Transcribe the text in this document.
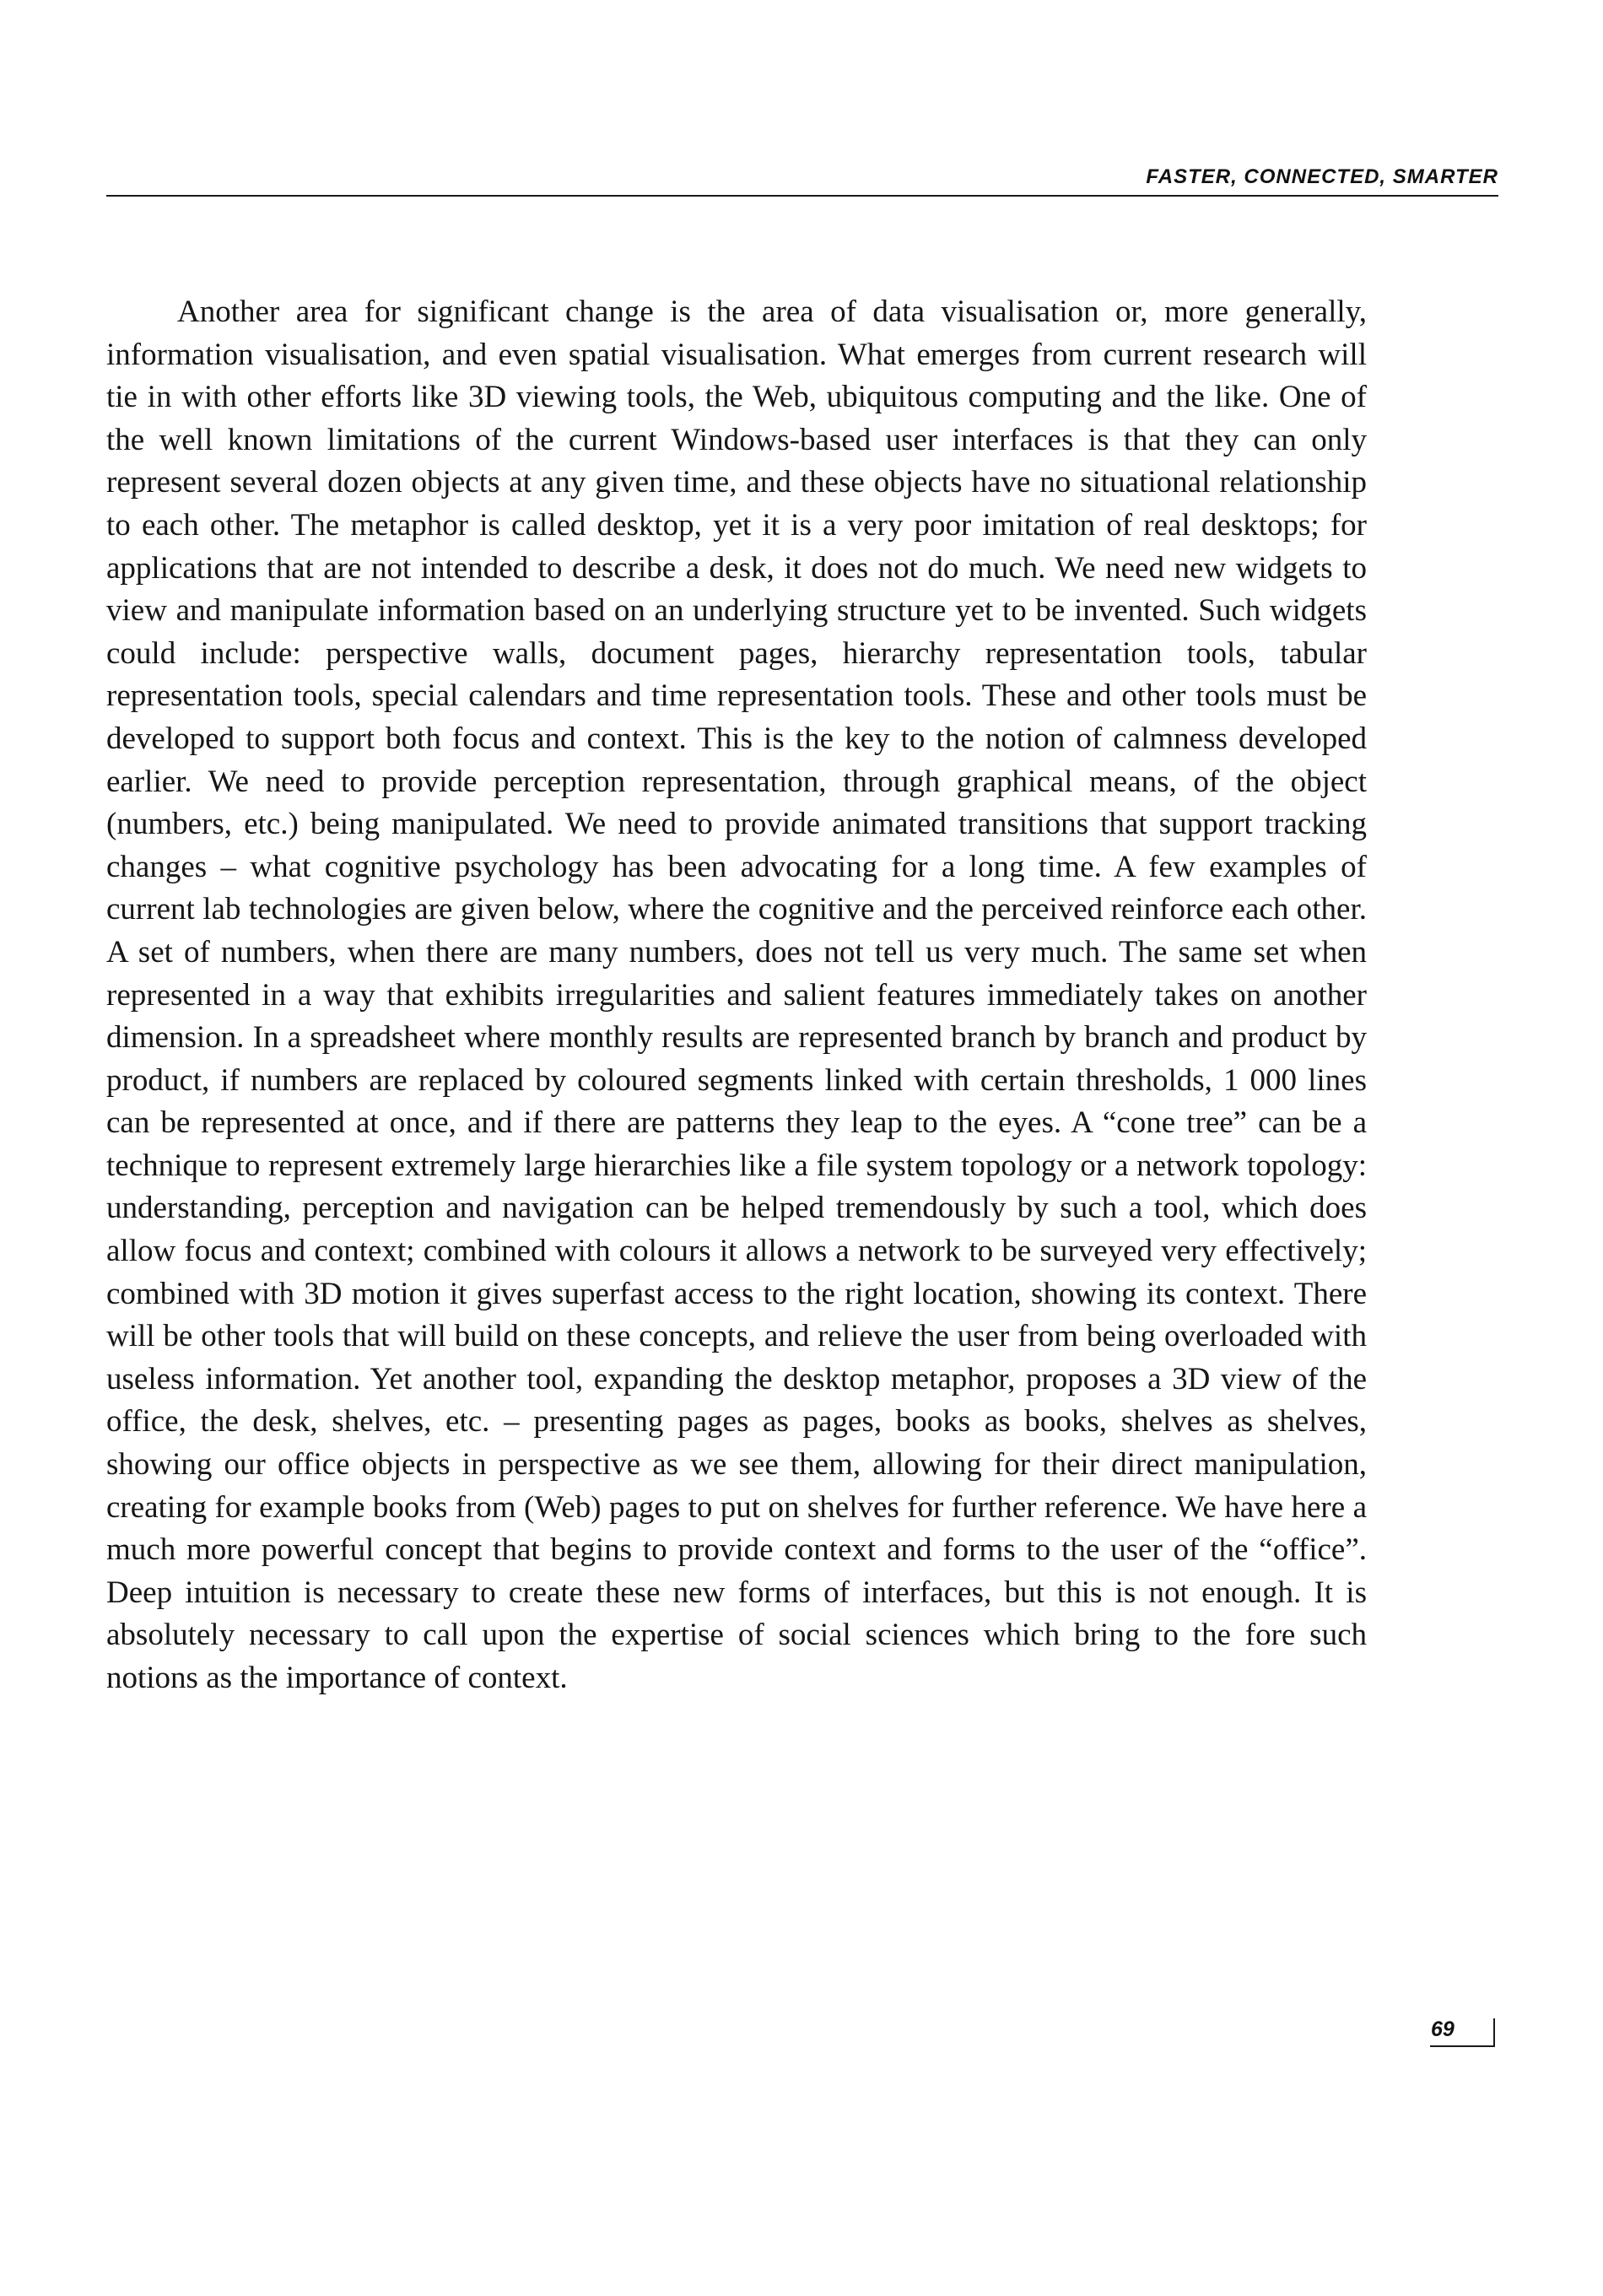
FASTER, CONNECTED, SMARTER

Another area for significant change is the area of data visualisation or, more generally, information visualisation, and even spatial visualisation. What emerges from current research will tie in with other efforts like 3D viewing tools, the Web, ubiquitous computing and the like. One of the well known limitations of the current Windows-based user interfaces is that they can only represent several dozen objects at any given time, and these objects have no situational relationship to each other. The metaphor is called desktop, yet it is a very poor imitation of real desktops; for applications that are not intended to describe a desk, it does not do much. We need new widgets to view and manipulate information based on an underlying structure yet to be invented. Such widgets could include: perspective walls, document pages, hierarchy representation tools, tabular representation tools, special calendars and time representation tools. These and other tools must be developed to support both focus and context. This is the key to the notion of calmness developed earlier. We need to provide perception representation, through graphical means, of the object (numbers, etc.) being manipulated. We need to provide animated transitions that support tracking changes – what cognitive psychology has been advocating for a long time. A few examples of current lab technologies are given below, where the cognitive and the perceived reinforce each other. A set of numbers, when there are many numbers, does not tell us very much. The same set when represented in a way that exhibits irregularities and salient features immediately takes on another dimension. In a spreadsheet where monthly results are represented branch by branch and product by product, if numbers are replaced by coloured segments linked with certain thresholds, 1 000 lines can be represented at once, and if there are patterns they leap to the eyes. A “cone tree” can be a technique to represent extremely large hierarchies like a file system topology or a network topology: understanding, perception and navigation can be helped tremendously by such a tool, which does allow focus and context; combined with colours it allows a network to be surveyed very effectively; combined with 3D motion it gives superfast access to the right location, showing its context. There will be other tools that will build on these concepts, and relieve the user from being overloaded with useless information. Yet another tool, expanding the desktop metaphor, proposes a 3D view of the office, the desk, shelves, etc. – presenting pages as pages, books as books, shelves as shelves, showing our office objects in perspective as we see them, allowing for their direct manipulation, creating for example books from (Web) pages to put on shelves for further reference. We have here a much more powerful concept that begins to provide context and forms to the user of the “office”. Deep intuition is necessary to create these new forms of interfaces, but this is not enough. It is absolutely necessary to call upon the expertise of social sciences which bring to the fore such notions as the importance of context.

69
